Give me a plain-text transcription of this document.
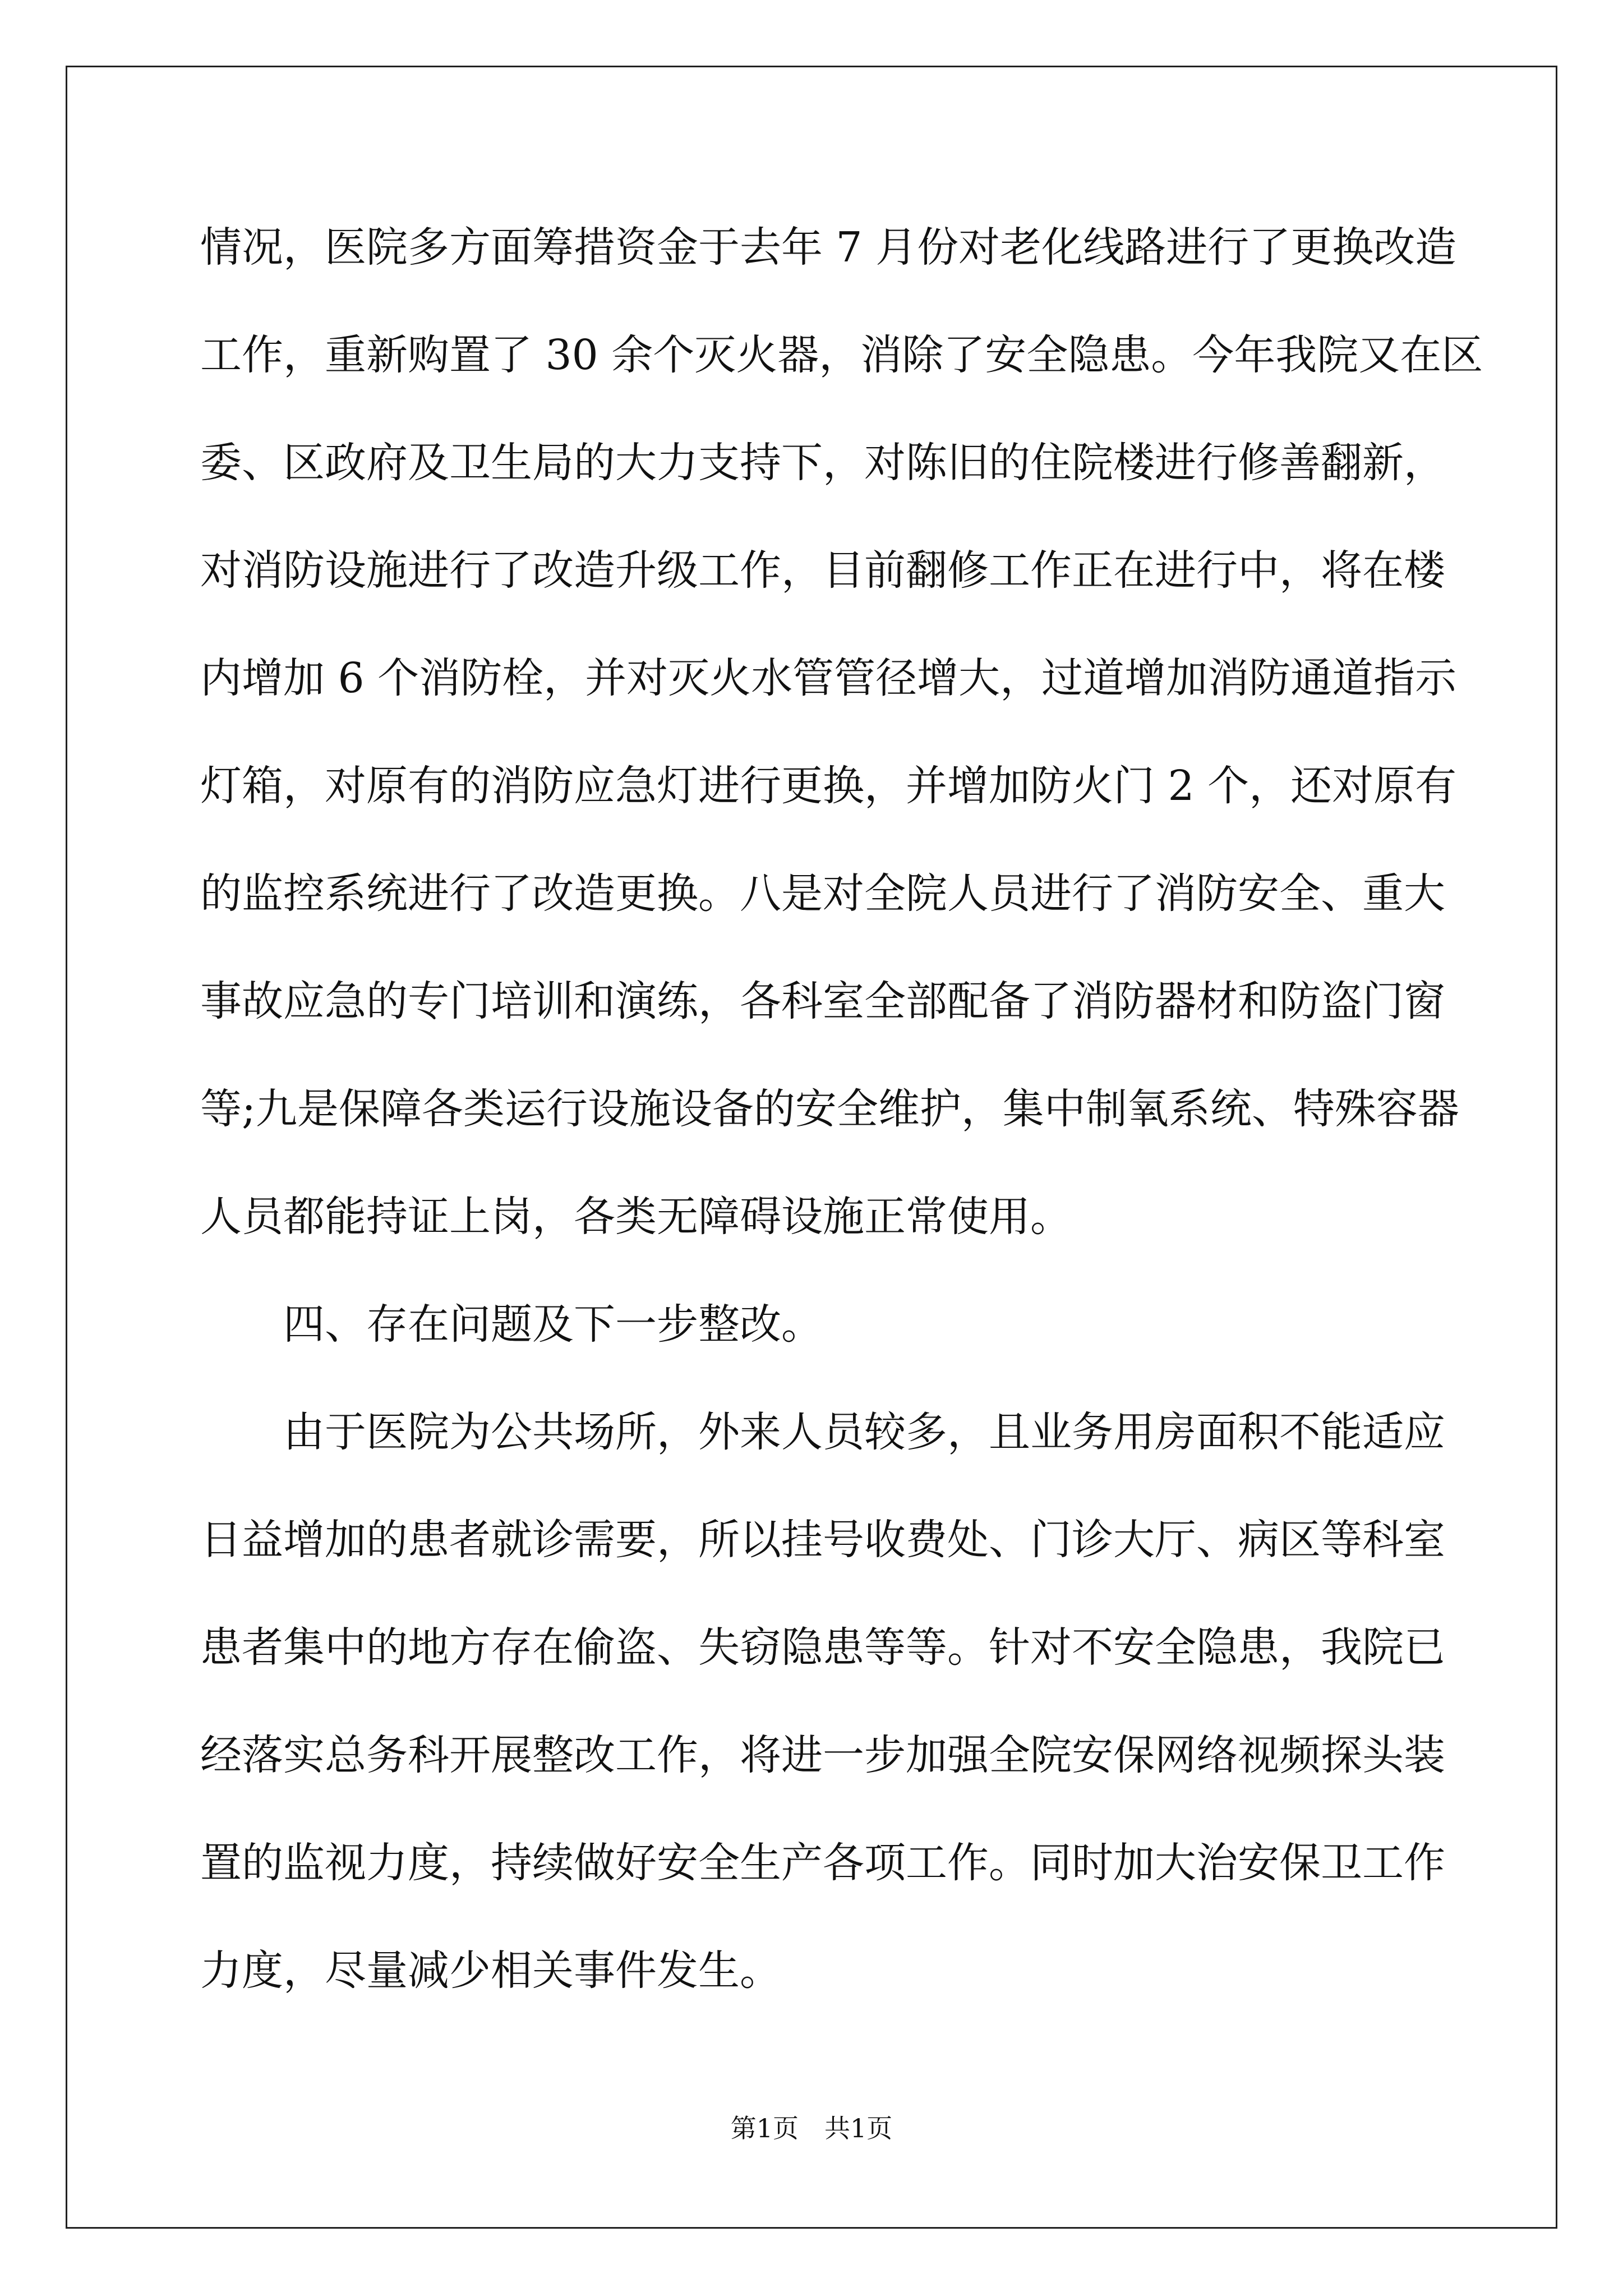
情况，医院多方面筹措资金于去年 7 月份对老化线路进行了更换改造
工作，重新购置了 30 余个灭火器，消除了安全隐患。今年我院又在区
委、区政府及卫生局的大力支持下，对陈旧的住院楼进行修善翻新，
对消防设施进行了改造升级工作，目前翻修工作正在进行中，将在楼
内增加 6 个消防栓，并对灭火水管管径增大，过道增加消防通道指示
灯箱，对原有的消防应急灯进行更换，并增加防火门 2 个，还对原有
的监控系统进行了改造更换。八是对全院人员进行了消防安全、重大
事故应急的专门培训和演练，各科室全部配备了消防器材和防盗门窗
等;九是保障各类运行设施设备的安全维护，集中制氧系统、特殊容器
人员都能持证上岗，各类无障碍设施正常使用。
四、存在问题及下一步整改。
由于医院为公共场所，外来人员较多，且业务用房面积不能适应
日益增加的患者就诊需要，所以挂号收费处、门诊大厅、病区等科室
患者集中的地方存在偷盗、失窃隐患等等。针对不安全隐患，我院已
经落实总务科开展整改工作，将进一步加强全院安保网络视频探头装
置的监视力度，持续做好安全生产各项工作。同时加大治安保卫工作
力度，尽量减少相关事件发生。
第1页　共1页
